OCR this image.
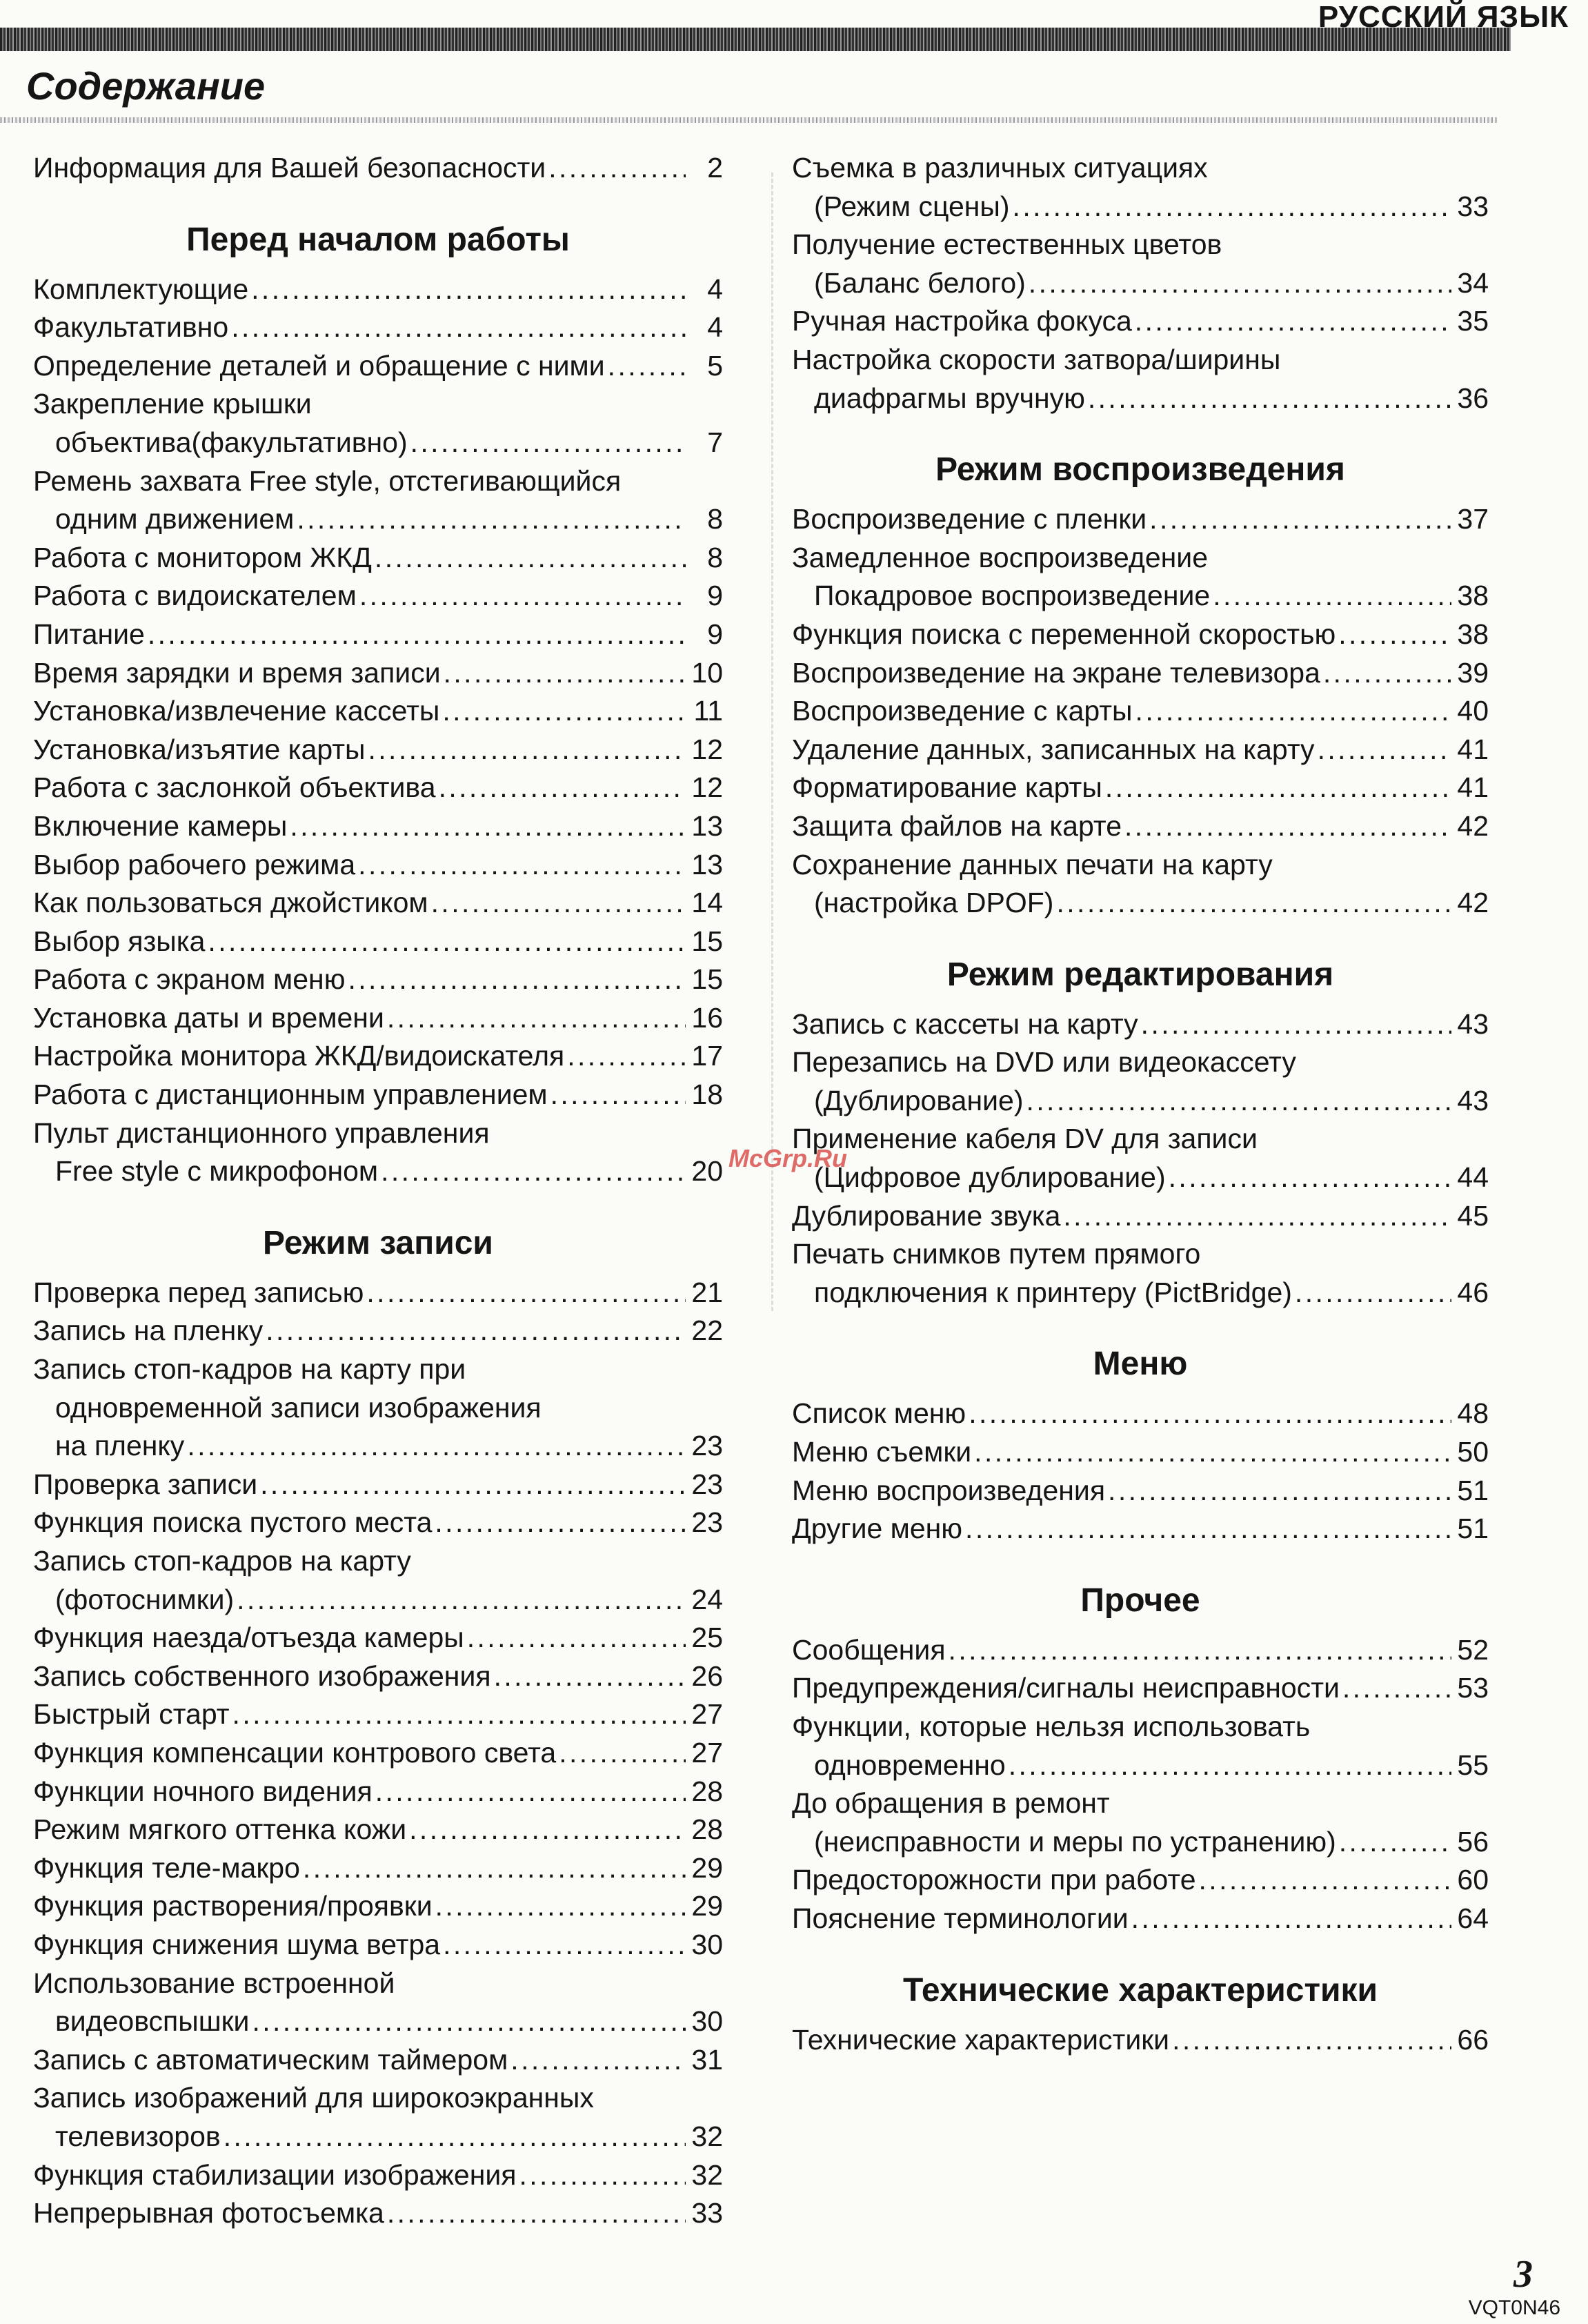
РУССКИЙ ЯЗЫК
Содержание
Информация для Вашей безопасности . . .	2
Перед началом работы
Комплектующие . . .	4
Факультативно . . .	4
Определение деталей и обращение с ними . . .	5
Закрепление крышки
объектива(факультативно) . . .	7
Ремень захвата Free style, отстегивающийся
одним движением . . .	8
Работа с монитором ЖКД . . .	8
Работа с видоискателем . . .	9
Питание . . .	9
Время зарядки и время записи . . .	10
Установка/извлечение кассеты . . .	11
Установка/изъятие карты . . .	12
Работа с заслонкой объектива . . .	12
Включение камеры . . .	13
Выбор рабочего режима . . .	13
Как пользоваться джойстиком . . .	14
Выбор языка . . .	15
Работа с экраном меню . . .	15
Установка даты и времени . . .	16
Настройка монитора ЖКД/видоискателя . . .	17
Работа с дистанционным управлением . . .	18
Пульт дистанционного управления
Free style с микрофоном . . .	20
Режим записи
Проверка перед записью . . .	21
Запись на пленку . . .	22
Запись стоп-кадров на карту при
одновременной записи изображения
на пленку . . .	23
Проверка записи . . .	23
Функция поиска пустого места . . .	23
Запись стоп-кадров на карту
(фотоснимки) . . .	24
Функция наезда/отъезда камеры . . .	25
Запись собственного изображения . . .	26
Быстрый старт . . .	27
Функция компенсации контрового света . . .	27
Функции ночного видения . . .	28
Режим мягкого оттенка кожи . . .	28
Функция теле-макро . . .	29
Функция растворения/проявки . . .	29
Функция снижения шума ветра . . .	30
Использование встроенной
видеовспышки . . .	30
Запись с автоматическим таймером . . .	31
Запись изображений для широкоэкранных
телевизоров . . .	32
Функция стабилизации изображения . . .	32
Непрерывная фотосъемка . . .	33
Съемка в различных ситуациях
(Режим сцены) . . .	33
Получение естественных цветов
(Баланс белого) . . .	34
Ручная настройка фокуса . . .	35
Настройка скорости затвора/ширины
диафрагмы вручную . . .	36
Режим воспроизведения
Воспроизведение с пленки . . .	37
Замедленное воспроизведение
Покадровое воспроизведение . . .	38
Функция поиска с переменной скоростью . . .	38
Воспроизведение на экране телевизора . . .	39
Воспроизведение с карты . . .	40
Удаление данных, записанных на карту . . .	41
Форматирование карты . . .	41
Защита файлов на карте . . .	42
Сохранение данных печати на карту
(настройка DPOF) . . .	42
Режим редактирования
Запись с кассеты на карту . . .	43
Перезапись на DVD или видеокассету
(Дублирование) . . .	43
Применение кабеля DV для записи
(Цифровое дублирование) . . .	44
Дублирование звука . . .	45
Печать снимков путем прямого
подключения к принтеру (PictBridge) . . .	46
Меню
Список меню . . .	48
Меню съемки . . .	50
Меню воспроизведения . . .	51
Другие меню . . .	51
Прочее
Сообщения . . .	52
Предупреждения/сигналы неисправности . . .	53
Функции, которые нельзя использовать
одновременно . . .	55
До обращения в ремонт
(неисправности и меры по устранению) . . .	56
Предосторожности при работе . . .	60
Пояснение терминологии . . .	64
Технические характеристики
Технические характеристики . . .	66
McGrp.Ru
3
VQT0N46
